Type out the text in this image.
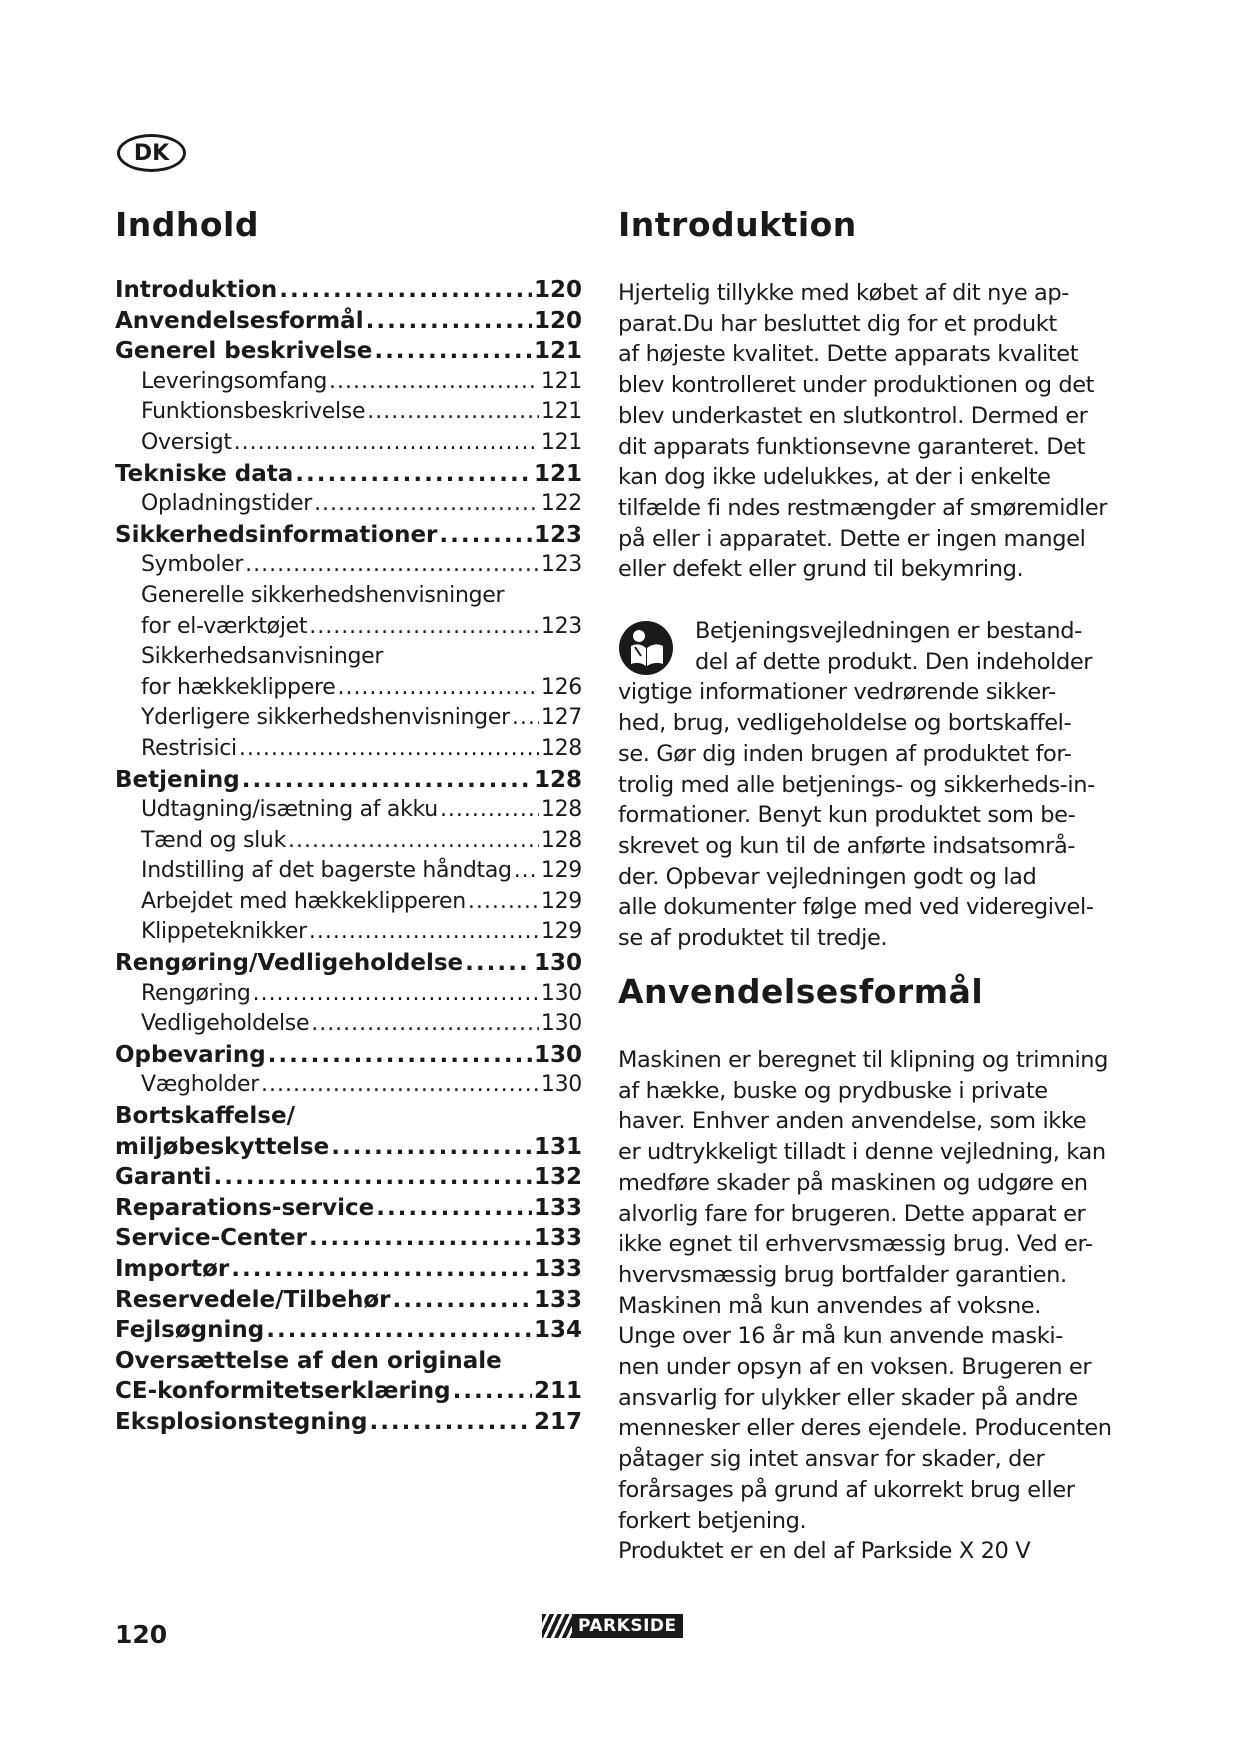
DK
Indhold
Introduktion .....	120
Anvendelsesformål .....	120
Generel beskrivelse .....	121
Leveringsomfang .....	121
Funktionsbeskrivelse .....	121
Oversigt .....	121
Tekniske data .....	121
Opladningstider .....	122
Sikkerhedsinformationer .....	123
Symboler .....	123
Generelle sikkerhedshenvisninger
for el-værktøjet .....	123
Sikkerhedsanvisninger
for hækkeklippere .....	126
Yderligere sikkerhedshenvisninger ..... 127
Restrisici .....	128
Betjening .....	128
Udtagning/isætning af akku .....	128
Tænd og sluk .....	128
Indstilling af det bagerste håndtag ..... 129
Arbejdet med hækkeklipperen .....	129
Klippeteknikker .....	129
Rengøring/Vedligeholdelse .....	130
Rengøring .....	130
Vedligeholdelse .....	130
Opbevaring .....	130
Vægholder .....	130
Bortskaffelse/
miljøbeskyttelse .....	131
Garanti .....	132
Reparations-service .....	133
Service-Center .....	133
Importør .....	133
Reservedele/Tilbehør .....	133
Fejlsøgning .....	134
Oversættelse af den originale
CE-konformitetserklæring .....	211
Eksplosionstegning .....	217
Introduktion
Hjertelig tillykke med købet af dit nye ap-
parat.Du har besluttet dig for et produkt
af højeste kvalitet. Dette apparats kvalitet
blev kontrolleret under produktionen og det
blev underkastet en slutkontrol. Dermed er
dit apparats funktionsevne garanteret. Det
kan dog ikke udelukkes, at der i enkelte
tilfælde fi ndes restmængder af smøremidler
på eller i apparatet. Dette er ingen mangel
eller defekt eller grund til bekymring.
Betjeningsvejledningen er bestand-
del af dette produkt. Den indeholder
vigtige informationer vedrørende sikker-
hed, brug, vedligeholdelse og bortskaffel-
se. Gør dig inden brugen af produktet for-
trolig med alle betjenings- og sikkerheds-in-
formationer. Benyt kun produktet som be-
skrevet og kun til de anførte indsatsområ-
der. Opbevar vejledningen godt og lad
alle dokumenter følge med ved videregivel-
se af produktet til tredje.
Anvendelsesformål
Maskinen er beregnet til klipning og trimning
af hække, buske og prydbuske i private
haver. Enhver anden anvendelse, som ikke
er udtrykkeligt tilladt i denne vejledning, kan
medføre skader på maskinen og udgøre en
alvorlig fare for brugeren. Dette apparat er
ikke egnet til erhvervsmæssig brug. Ved er-
hvervsmæssig brug bortfalder garantien.
Maskinen må kun anvendes af voksne.
Unge over 16 år må kun anvende maski-
nen under opsyn af en voksen. Brugeren er
ansvarlig for ulykker eller skader på andre
mennesker eller deres ejendele. Producenten
påtager sig intet ansvar for skader, der
forårsages på grund af ukorrekt brug eller
forkert betjening.
Produktet er en del af Parkside X 20 V
120	PARKSIDE
